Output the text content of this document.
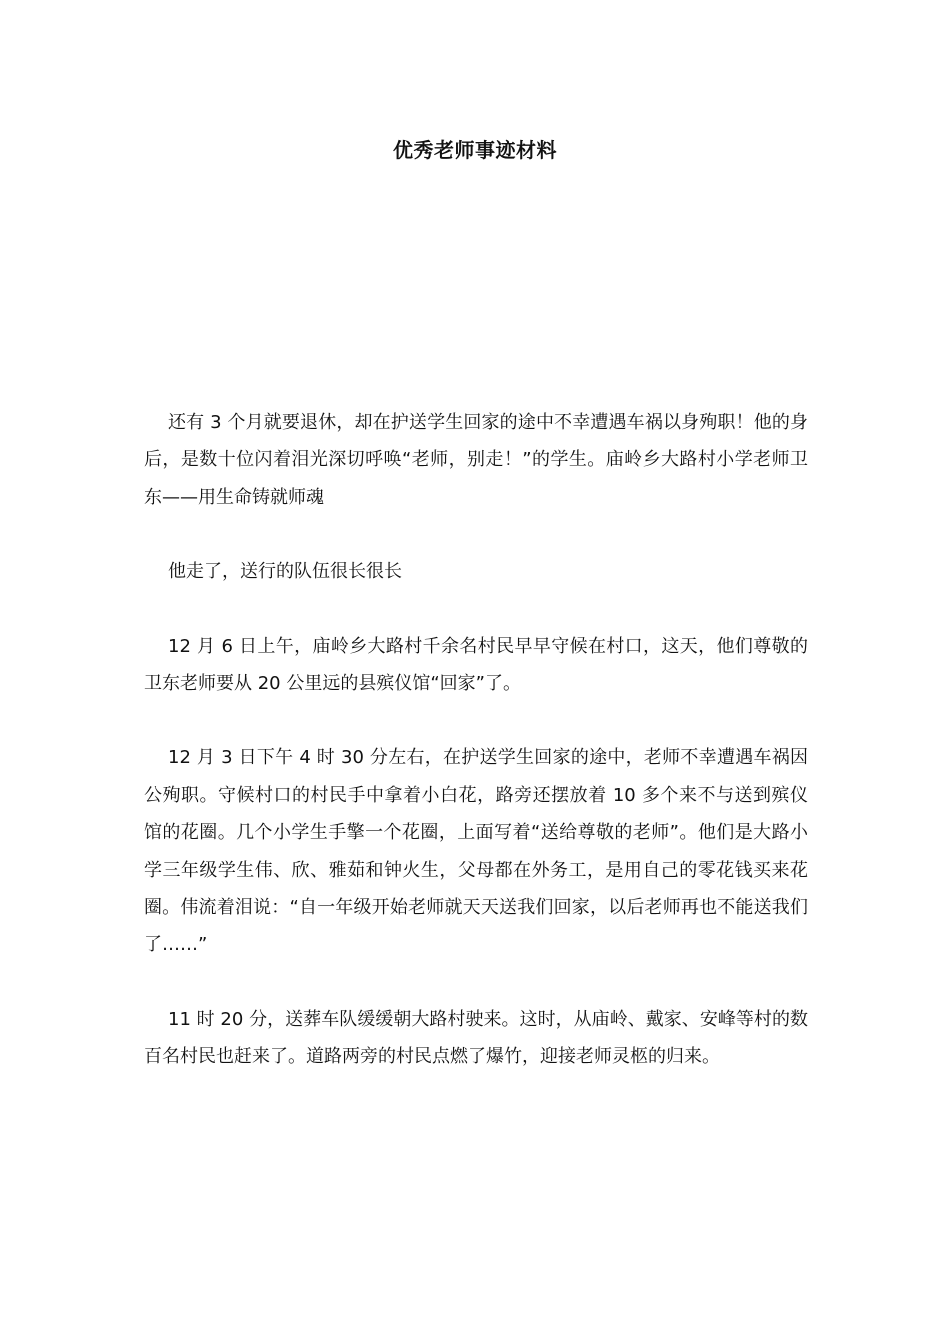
优秀老师事迹材料

还有 3 个月就要退休，却在护送学生回家的途中不幸遭遇车祸以身殉职！他的身后，是数十位闪着泪光深切呼唤“老师，别走！”的学生。庙岭乡大路村小学老师卫东——用生命铸就师魂

他走了，送行的队伍很长很长

12 月 6 日上午，庙岭乡大路村千余名村民早早守候在村口，这天，他们尊敬的卫东老师要从 20 公里远的县殡仪馆“回家”了。

12 月 3 日下午 4 时 30 分左右，在护送学生回家的途中，老师不幸遭遇车祸因公殉职。守候村口的村民手中拿着小白花，路旁还摆放着 10 多个来不与送到殡仪馆的花圈。几个小学生手擎一个花圈，上面写着“送给尊敬的老师”。他们是大路小学三年级学生伟、欣、雅茹和钟火生，父母都在外务工，是用自己的零花钱买来花圈。伟流着泪说：“自一年级开始老师就天天送我们回家，以后老师再也不能送我们了……”

11 时 20 分，送葬车队缓缓朝大路村驶来。这时，从庙岭、戴家、安峰等村的数百名村民也赶来了。道路两旁的村民点燃了爆竹，迎接老师灵柩的归来。
